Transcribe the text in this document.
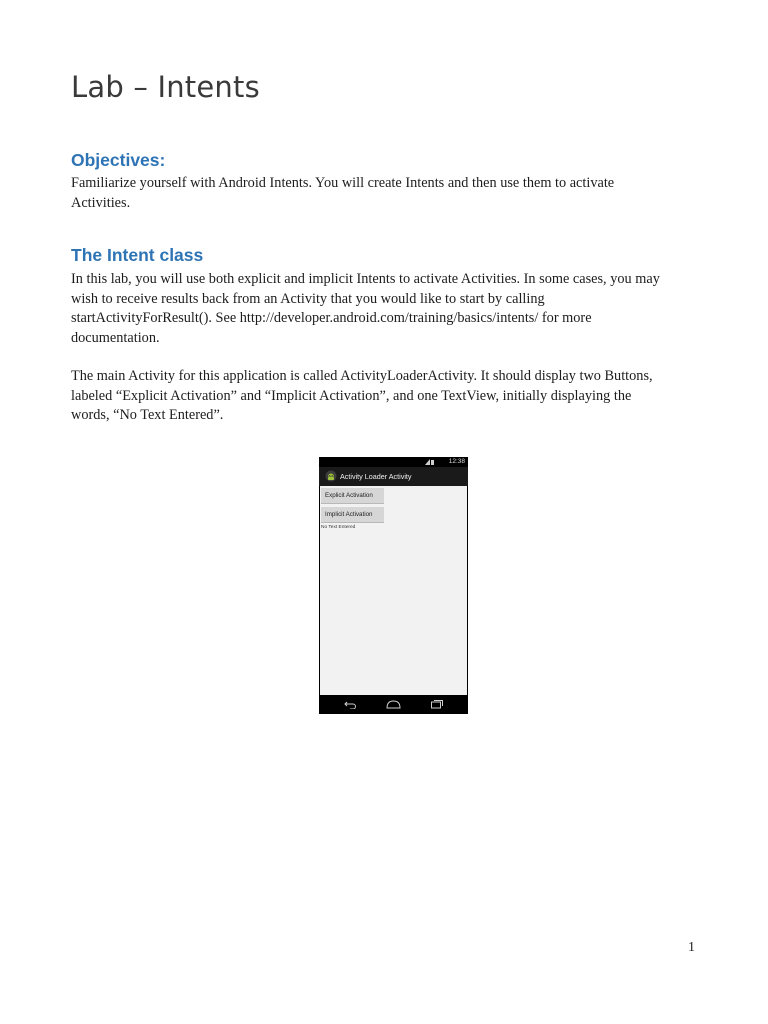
Lab – Intents
Objectives:

Familiarize yourself with Android Intents. You will create Intents and then use them to activate
Activities.

The Intent class

In this lab, you will use both explicit and implicit Intents to activate Activities. In some cases, you may
wish to receive results back from an Activity that you would like to start by calling
startActivityForResult(). See http://developer.android.com/training/basics/intents/ for more
documentation.

The main Activity for this application is called ActivityLoaderActivity. It should display two Buttons,
labeled “Explicit Activation” and “Implicit Activation”, and one TextView, initially displaying the
words, “No Text Entered”.

12:38
Activity Loader Activity
Explicit Activation
Implicit Activation
No Text Entered

1
